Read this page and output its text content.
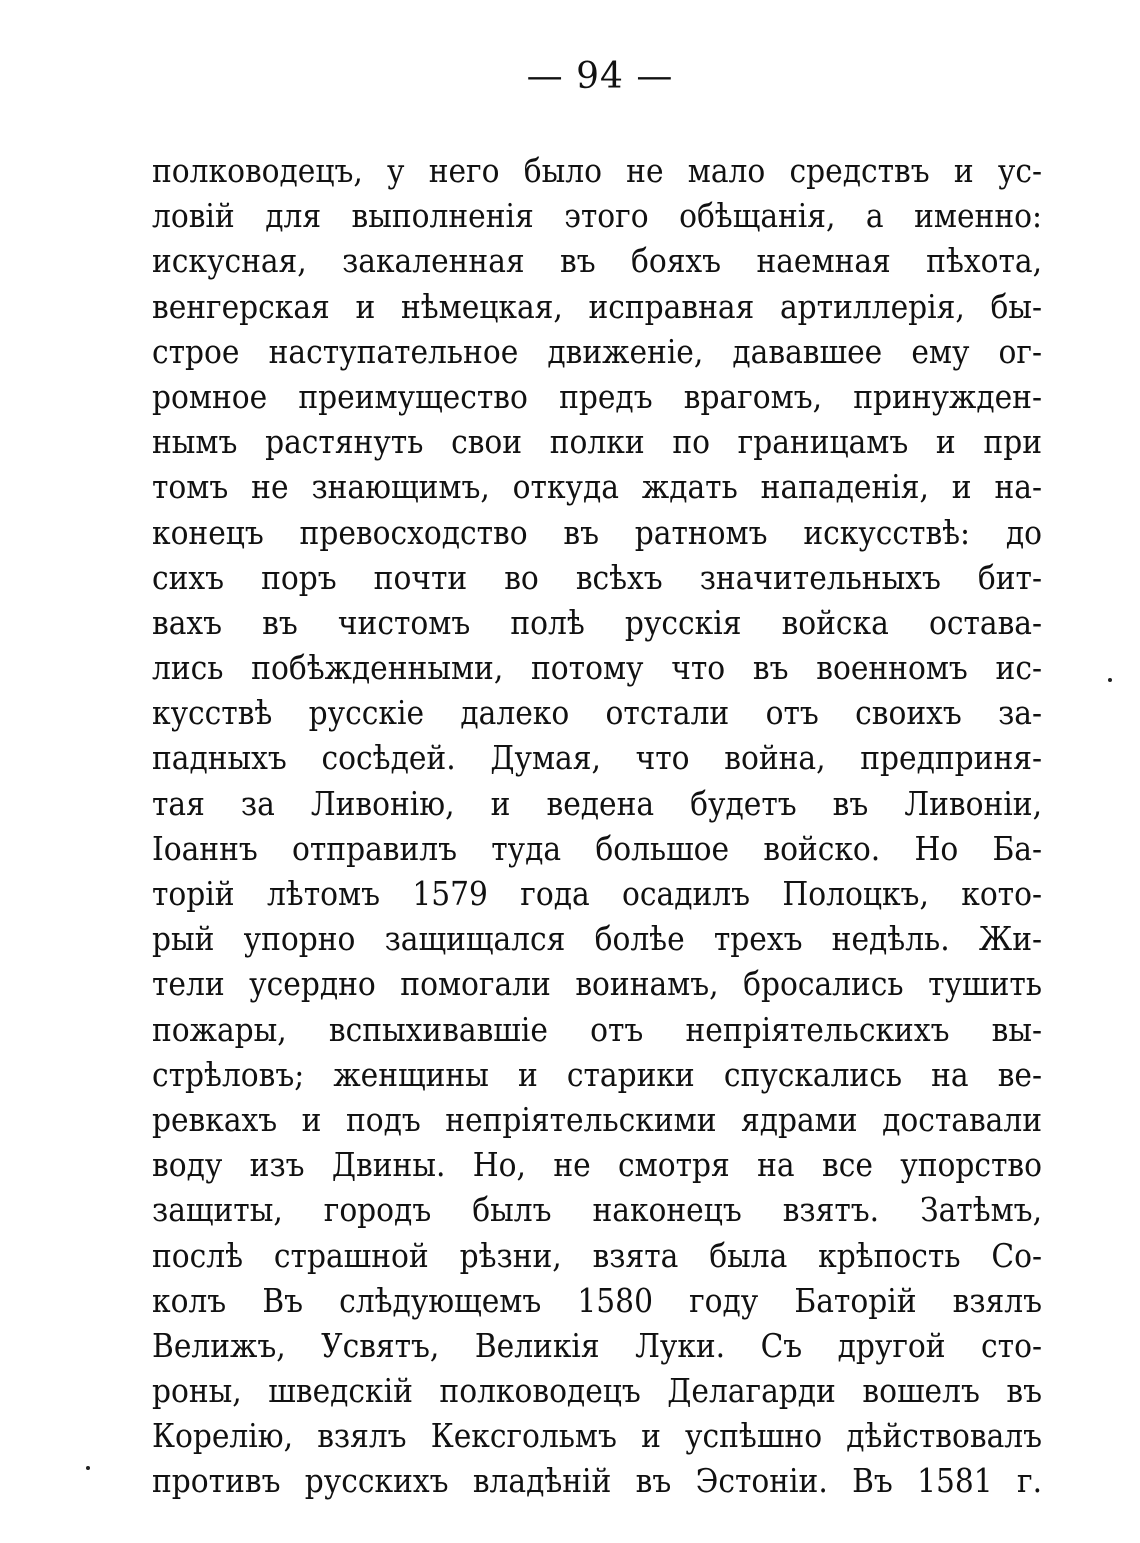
— 94 —
полководецъ, у него было не мало средствъ и ус-
ловій для выполненія этого обѣщанія, а именно:
искусная, закаленная въ бояхъ наемная пѣхота,
венгерская и нѣмецкая, исправная артиллерія, бы-
строе наступательное движеніе, дававшее ему ог-
ромное преимущество предъ врагомъ, принужден-
нымъ растянуть свои полки по границамъ и при
томъ не знающимъ, откуда ждать нападенія, и на-
конецъ превосходство въ ратномъ искусствѣ: до
сихъ поръ почти во всѣхъ значительныхъ бит-
вахъ въ чистомъ полѣ русскія войска остава-
лись побѣжденными, потому что въ военномъ ис-
кусствѣ русскіе далеко отстали отъ своихъ за-
падныхъ сосѣдей. Думая, что война, предприня-
тая за Ливонію, и ведена будетъ въ Ливоніи,
Іоаннъ отправилъ туда большое войско. Но Ба-
торій лѣтомъ 1579 года осадилъ Полоцкъ, кото-
рый упорно защищался болѣе трехъ недѣль. Жи-
тели усердно помогали воинамъ, бросались тушить
пожары, вспыхивавшіе отъ непріятельскихъ вы-
стрѣловъ; женщины и старики спускались на ве-
ревкахъ и подъ непріятельскими ядрами доставали
воду изъ Двины. Но, не смотря на все упорство
защиты, городъ былъ наконецъ взятъ. Затѣмъ,
послѣ страшной рѣзни, взята была крѣпость Со-
колъ Въ слѣдующемъ 1580 году Баторій взялъ
Велижъ, Усвятъ, Великія Луки. Съ другой сто-
роны, шведскій полководецъ Делагарди вошелъ въ
Корелію, взялъ Кексгольмъ и успѣшно дѣйствовалъ
противъ русскихъ владѣній въ Эстоніи. Въ 1581 г.
